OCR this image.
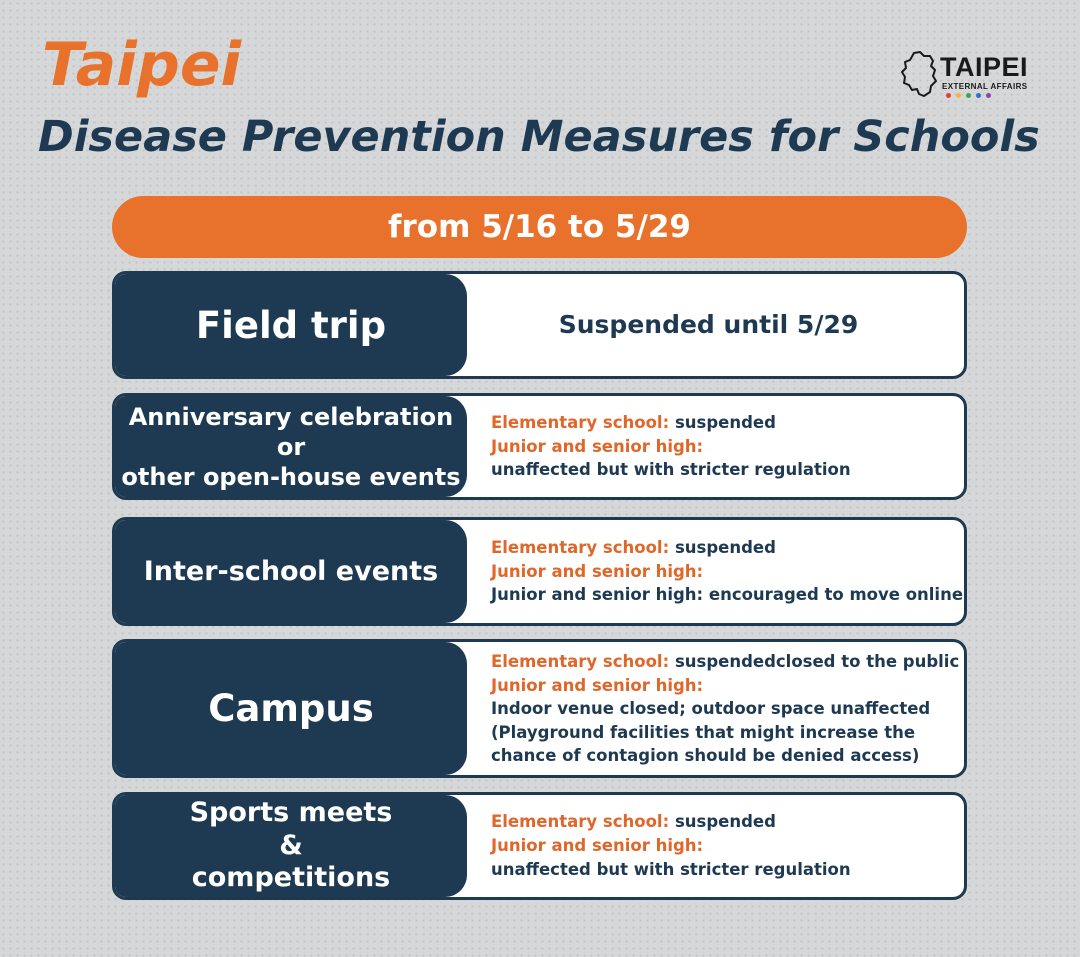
Taipei
Disease Prevention Measures for Schools
TAIPEI
EXTERNAL AFFAIRS
from 5/16 to 5/29
Field trip	Suspended until 5/29
Anniversary celebration
or
other open-house events
Elementary school: suspended
Junior and senior high:
unaffected but with stricter regulation
Inter-school events
Elementary school: suspended
Junior and senior high:
Junior and senior high: encouraged to move online
Campus
Elementary school: suspendedclosed to the public
Junior and senior high:
Indoor venue closed; outdoor space unaffected
(Playground facilities that might increase the chance of contagion should be denied access)
Sports meets
&
competitions
Elementary school: suspended
Junior and senior high:
unaffected but with stricter regulation
